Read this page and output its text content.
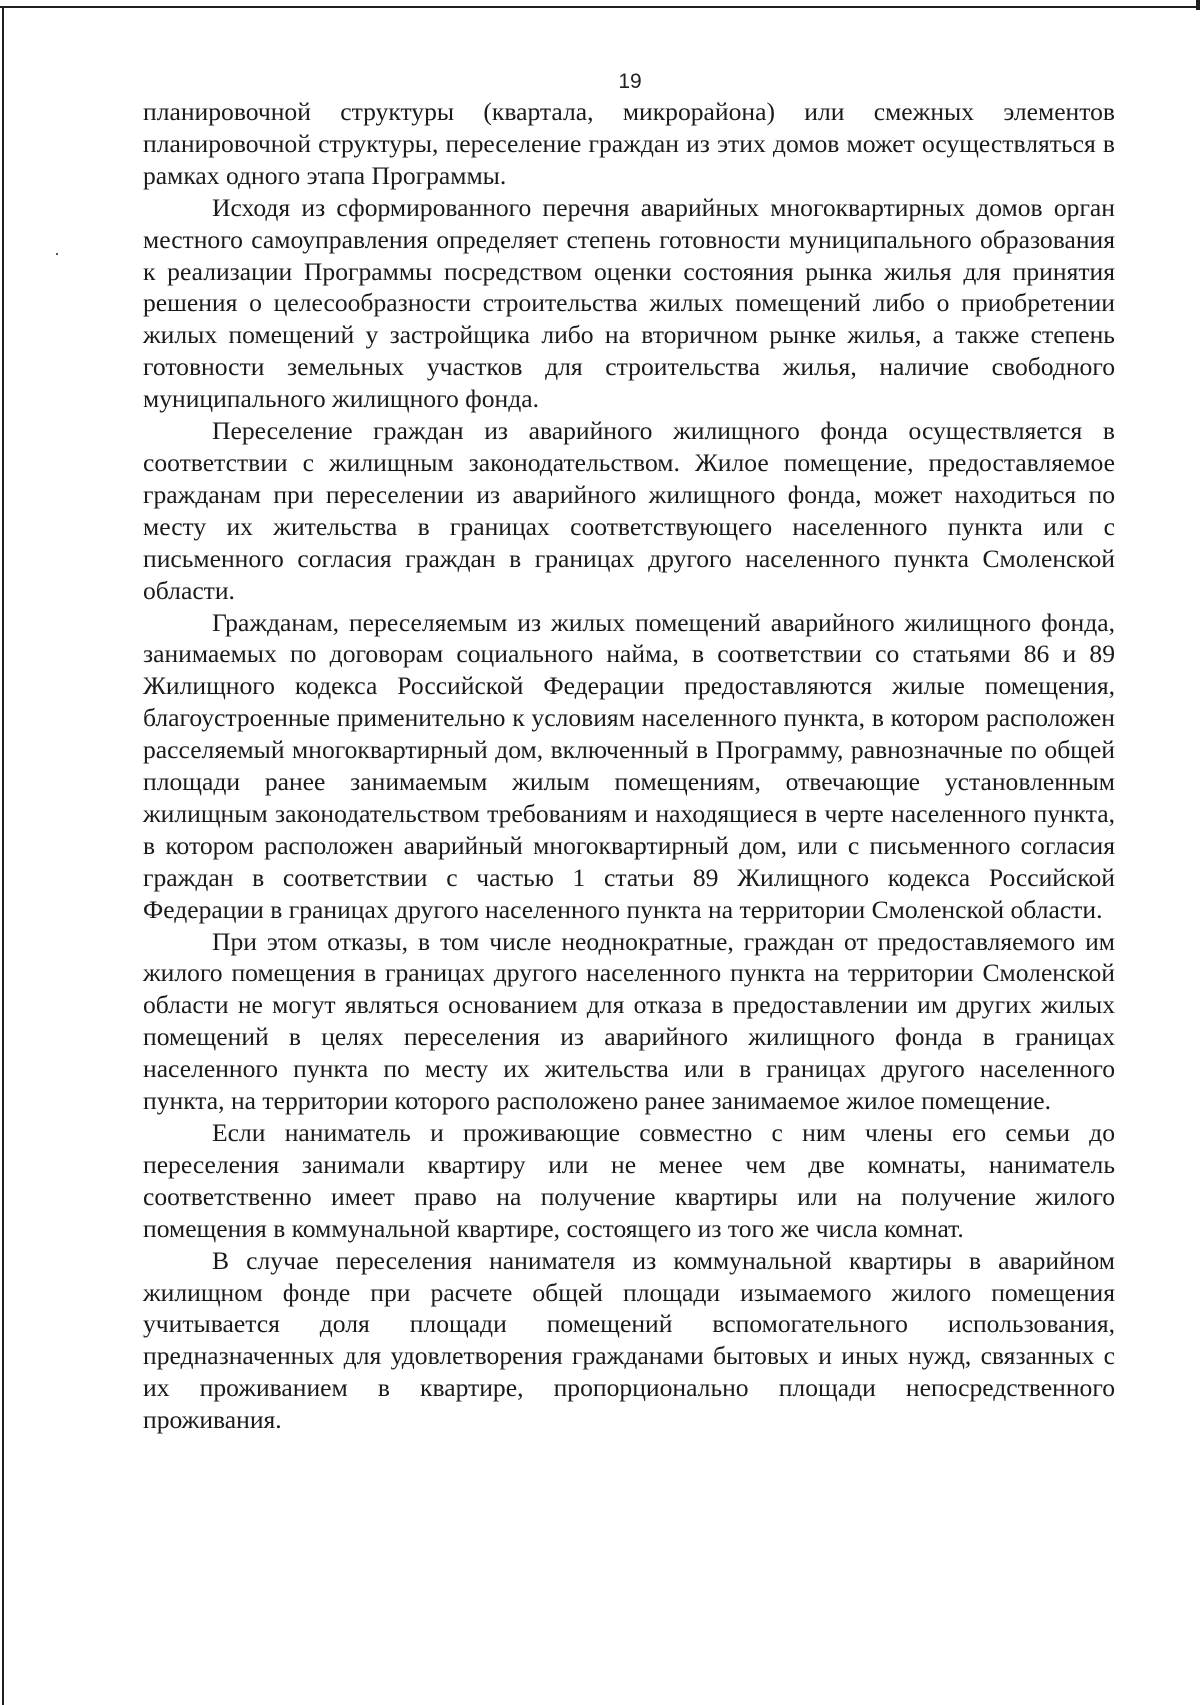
19

планировочной структуры (квартала, микрорайона) или смежных элементов планировочной структуры, переселение граждан из этих домов может осуществляться в рамках одного этапа Программы.

Исходя из сформированного перечня аварийных многоквартирных домов орган местного самоуправления определяет степень готовности муниципального образования к реализации Программы посредством оценки состояния рынка жилья для принятия решения о целесообразности строительства жилых помещений либо о приобретении жилых помещений у застройщика либо на вторичном рынке жилья, а также степень готовности земельных участков для строительства жилья, наличие свободного муниципального жилищного фонда.

Переселение граждан из аварийного жилищного фонда осуществляется в соответствии с жилищным законодательством. Жилое помещение, предоставляемое гражданам при переселении из аварийного жилищного фонда, может находиться по месту их жительства в границах соответствующего населенного пункта или с письменного согласия граждан в границах другого населенного пункта Смоленской области.

Гражданам, переселяемым из жилых помещений аварийного жилищного фонда, занимаемых по договорам социального найма, в соответствии со статьями 86 и 89 Жилищного кодекса Российской Федерации предоставляются жилые помещения, благоустроенные применительно к условиям населенного пункта, в котором расположен расселяемый многоквартирный дом, включенный в Программу, равнозначные по общей площади ранее занимаемым жилым помещениям, отвечающие установленным жилищным законодательством требованиям и находящиеся в черте населенного пункта, в котором расположен аварийный многоквартирный дом, или с письменного согласия граждан в соответствии с частью 1 статьи 89 Жилищного кодекса Российской Федерации в границах другого населенного пункта на территории Смоленской области.

При этом отказы, в том числе неоднократные, граждан от предоставляемого им жилого помещения в границах другого населенного пункта на территории Смоленской области не могут являться основанием для отказа в предоставлении им других жилых помещений в целях переселения из аварийного жилищного фонда в границах населенного пункта по месту их жительства или в границах другого населенного пункта, на территории которого расположено ранее занимаемое жилое помещение.

Если наниматель и проживающие совместно с ним члены его семьи до переселения занимали квартиру или не менее чем две комнаты, наниматель соответственно имеет право на получение квартиры или на получение жилого помещения в коммунальной квартире, состоящего из того же числа комнат.

В случае переселения нанимателя из коммунальной квартиры в аварийном жилищном фонде при расчете общей площади изымаемого жилого помещения учитывается доля площади помещений вспомогательного использования, предназначенных для удовлетворения гражданами бытовых и иных нужд, связанных с их проживанием в квартире, пропорционально площади непосредственного проживания.
